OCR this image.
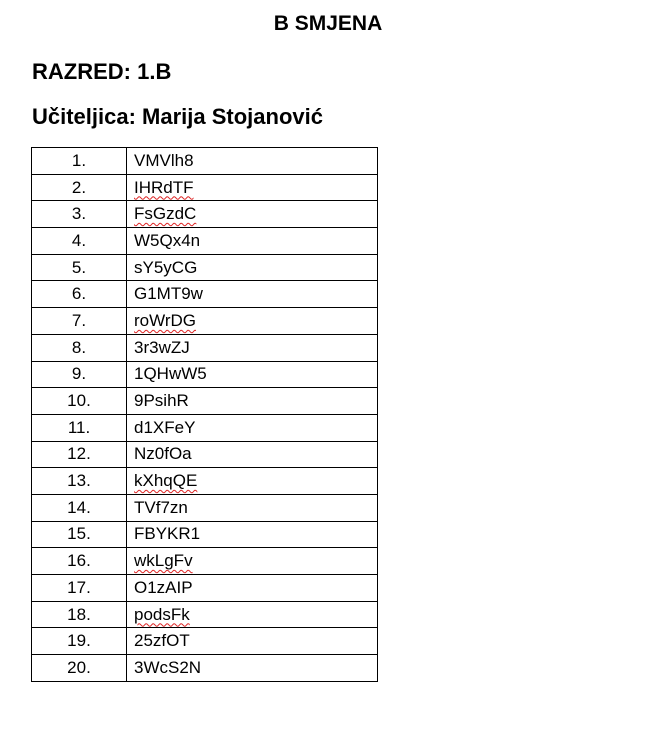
B SMJENA
RAZRED: 1.B
Učiteljica: Marija Stojanović
1.	VMVlh8
2.	IHRdTF
3.	FsGzdC
4.	W5Qx4n
5.	sY5yCG
6.	G1MT9w
7.	roWrDG
8.	3r3wZJ
9.	1QHwW5
10.	9PsihR
11.	d1XFeY
12.	Nz0fOa
13.	kXhqQE
14.	TVf7zn
15.	FBYKR1
16.	wkLgFv
17.	O1zAIP
18.	podsFk
19.	25zfOT
20.	3WcS2N
